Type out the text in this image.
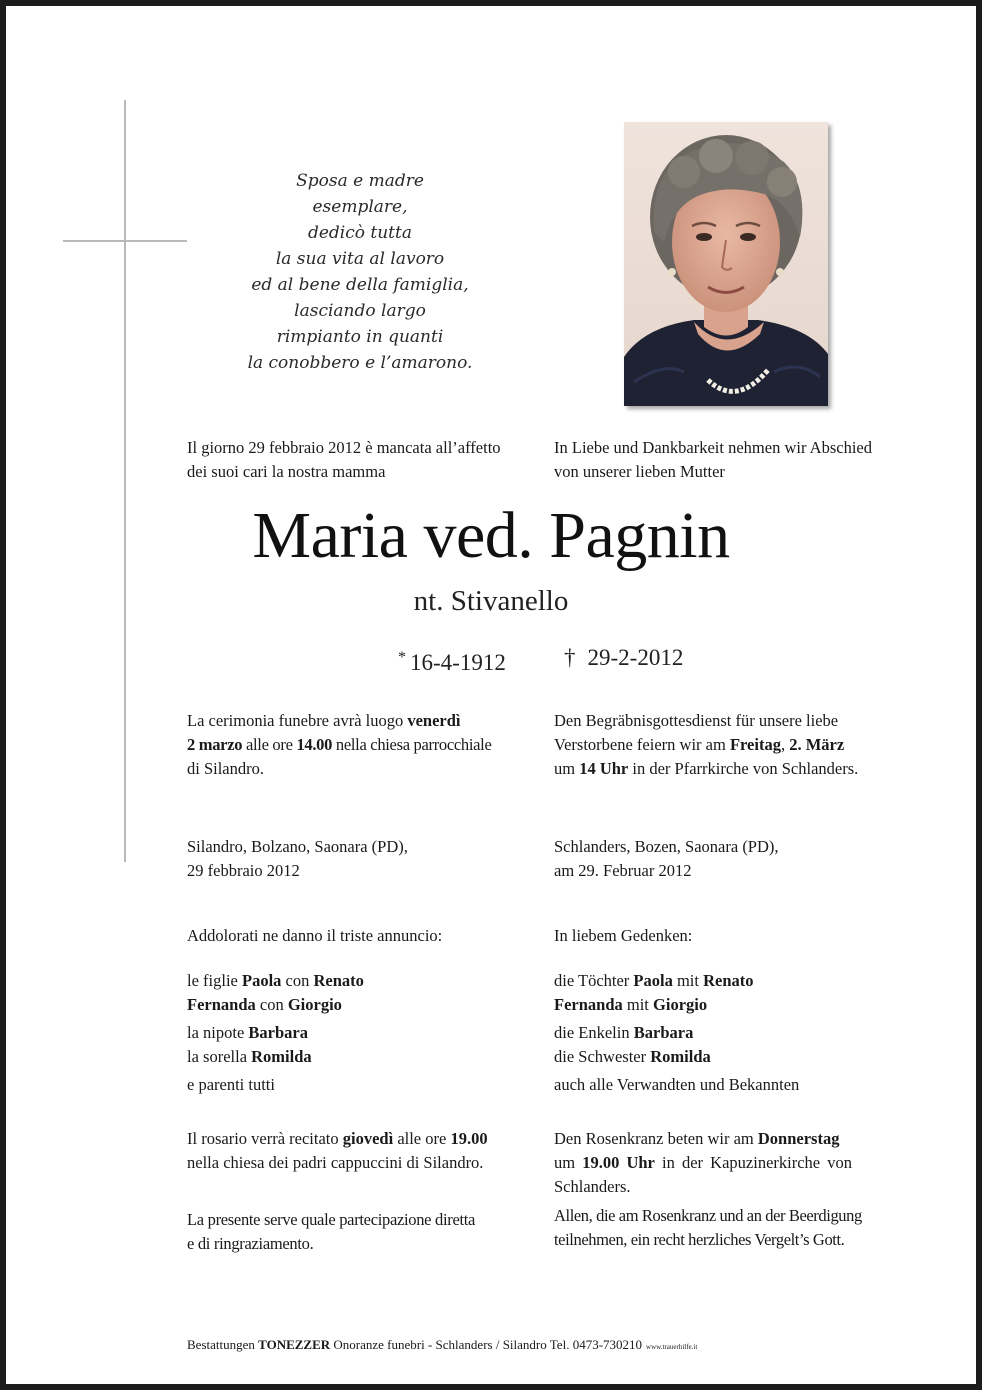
Sposa e madre
esemplare,
dedicò tutta
la sua vita al lavoro
ed al bene della famiglia,
lasciando largo
rimpianto in quanti
la conobbero e l’amarono.
Il giorno 29 febbraio 2012 è mancata all’affetto
dei suoi cari la nostra mamma
In Liebe und Dankbarkeit nehmen wir Abschied
von unserer lieben Mutter
Maria ved. Pagnin
nt. Stivanello
* 16-4-1912	† 29-2-2012
La cerimonia funebre avrà luogo venerdì
2 marzo alle ore 14.00 nella chiesa parrocchiale
di Silandro.
Den Begräbnisgottesdienst für unsere liebe
Verstorbene feiern wir am Freitag, 2. März
um 14 Uhr in der Pfarrkirche von Schlanders.
Silandro, Bolzano, Saonara (PD),
29 febbraio 2012
Schlanders, Bozen, Saonara (PD),
am 29. Februar 2012
Addolorati ne danno il triste annuncio:	In liebem Gedenken:
le figlie Paola con Renato
Fernanda con Giorgio
la nipote Barbara
la sorella Romilda
e parenti tutti
die Töchter Paola mit Renato
Fernanda mit Giorgio
die Enkelin Barbara
die Schwester Romilda
auch alle Verwandten und Bekannten
Il rosario verrà recitato giovedì alle ore 19.00
nella chiesa dei padri cappuccini di Silandro.
Den Rosenkranz beten wir am Donnerstag
um 19.00 Uhr in der Kapuzinerkirche von
Schlanders.
La presente serve quale partecipazione diretta
e di ringraziamento.
Allen, die am Rosenkranz und an der Beerdigung
teilnehmen, ein recht herzliches Vergelt’s Gott.
Bestattungen TONEZZER Onoranze funebri - Schlanders / Silandro Tel. 0473-730210 www.trauerhilfe.it
